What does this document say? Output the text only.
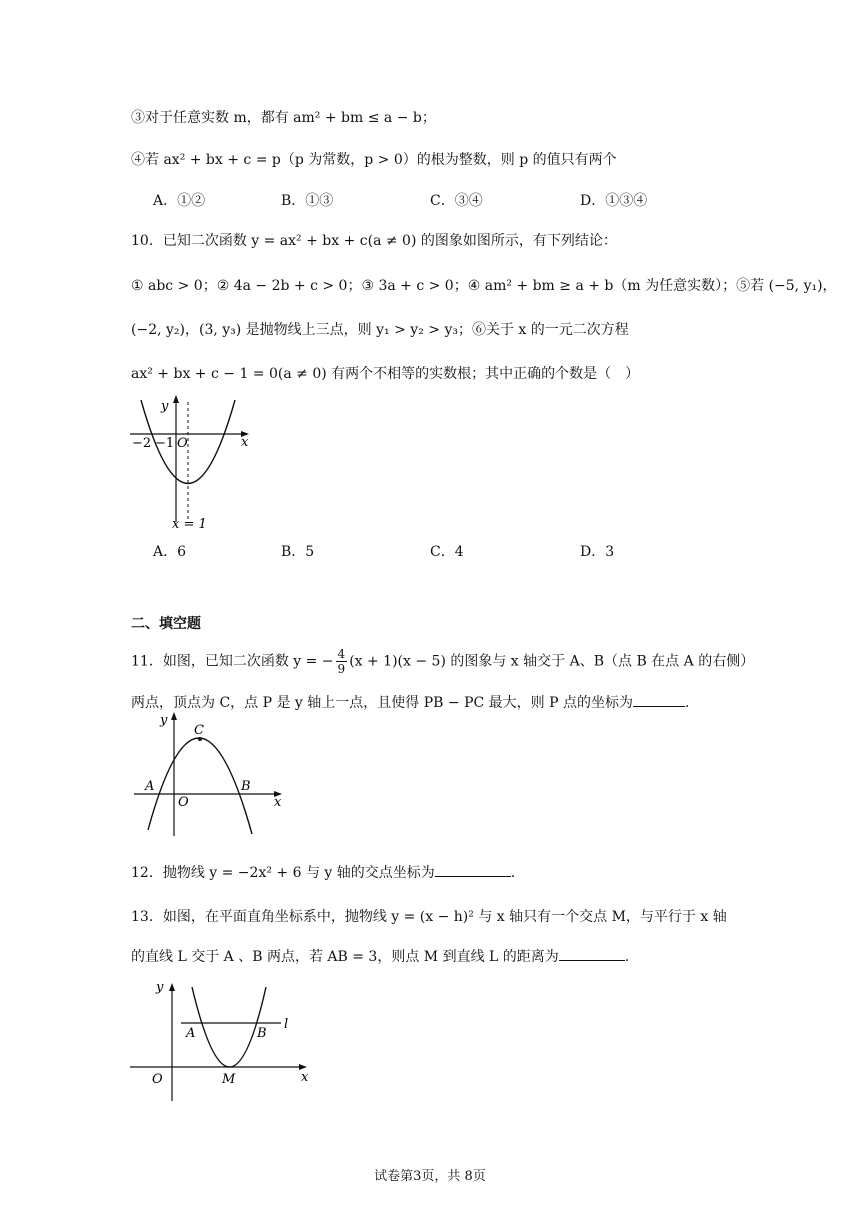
③对于任意实数 m，都有 am² + bm ≤ a − b；
④若 ax² + bx + c = p（p 为常数，p > 0）的根为整数，则 p 的值只有两个
A．①②	B．①③	C．③④	D．①③④
10．已知二次函数 y = ax² + bx + c(a ≠ 0) 的图象如图所示，有下列结论：
① abc > 0；② 4a − 2b + c > 0；③ 3a + c > 0；④ am² + bm ≥ a + b（m 为任意实数）；⑤若 (−5, y₁)，
(−2, y₂)，(3, y₃) 是抛物线上三点，则 y₁ > y₂ > y₃；⑥关于 x 的一元二次方程
ax² + bx + c − 1 = 0(a ≠ 0) 有两个不相等的实数根；其中正确的个数是（　）
y
x
O
−2 −1
x = 1
A．6	B．5	C．4	D．3
二、填空题
11．如图，已知二次函数 y = − $\frac{4}{9} (x + 1)(x - 5)$ 的图象与 x 轴交于 A、B（点 B 在点 A 的右侧）
两点，顶点为 C，点 P 是 y 轴上一点，且使得 PB − PC 最大，则 P 点的坐标为	.
y
x
O
A	B
C
12．抛物线 y = −2x² + 6 与 y 轴的交点坐标为	.
13．如图，在平面直角坐标系中，抛物线 y = (x − h)² 与 x 轴只有一个交点 M，与平行于 x 轴
的直线 L 交于 A 、B 两点，若 AB = 3，则点 M 到直线 L 的距离为	.
y
x
O
A	B
M
l
试卷第3页，共 8页
